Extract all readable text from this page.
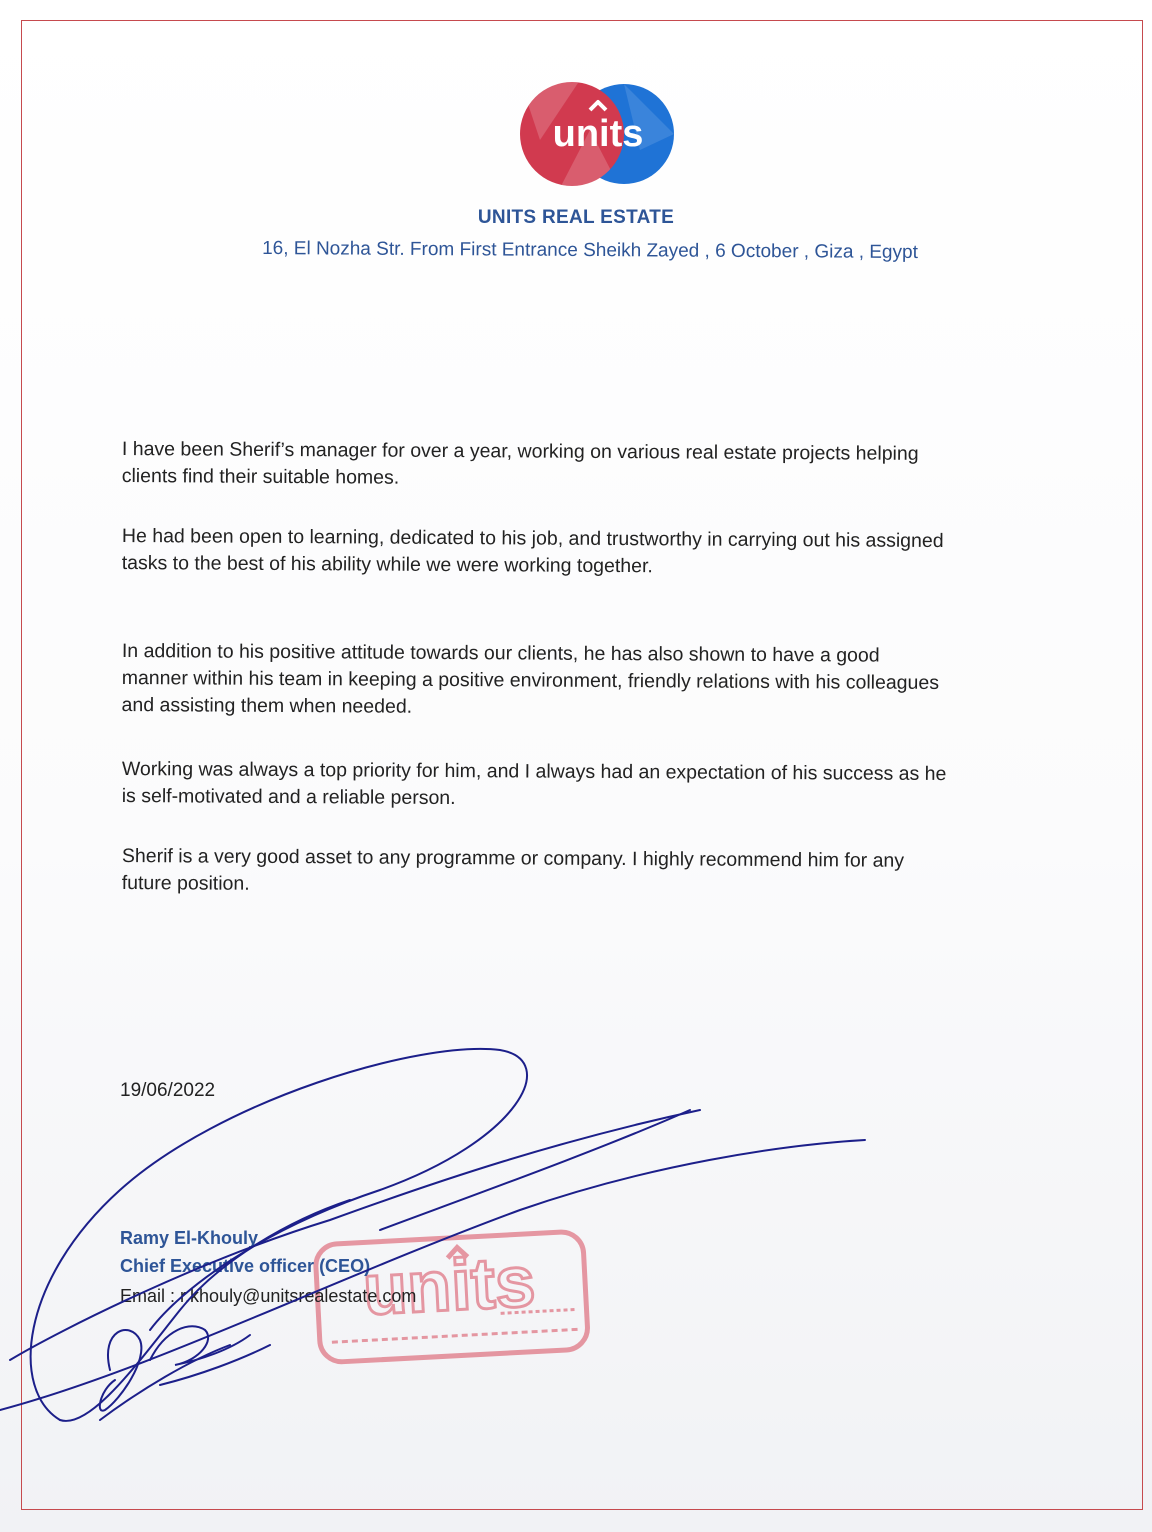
units
UNITS REAL ESTATE
16, El Nozha Str. From First Entrance Sheikh Zayed , 6 October , Giza , Egypt

I have been Sherif’s manager for over a year, working on various real estate projects helping
clients find their suitable homes.

He had been open to learning, dedicated to his job, and trustworthy in carrying out his assigned
tasks to the best of his ability while we were working together.

In addition to his positive attitude towards our clients, he has also shown to have a good
manner within his team in keeping a positive environment, friendly relations with his colleagues
and assisting them when needed.

Working was always a top priority for him, and I always had an expectation of his success as he
is self-motivated and a reliable person.

Sherif is a very good asset to any programme or company. I highly recommend him for any
future position.

19/06/2022
units
Ramy El-Khouly
Chief Executive officer (CEO)
Email : r.khouly@unitsrealestate.com
